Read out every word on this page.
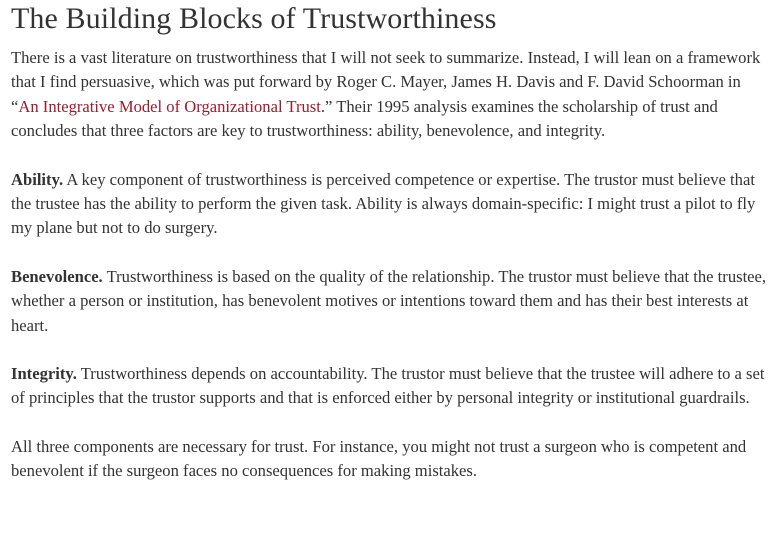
The Building Blocks of Trustworthiness

There is a vast literature on trustworthiness that I will not seek to summarize. Instead, I will lean on a framework that I find persuasive, which was put forward by Roger C. Mayer, James H. Davis and F. David Schoorman in “An Integrative Model of Organizational Trust.” Their 1995 analysis examines the scholarship of trust and concludes that three factors are key to trustworthiness: ability, benevolence, and integrity.

Ability. A key component of trustworthiness is perceived competence or expertise. The trustor must believe that the trustee has the ability to perform the given task. Ability is always domain-specific: I might trust a pilot to fly my plane but not to do surgery.

Benevolence. Trustworthiness is based on the quality of the relationship. The trustor must believe that the trustee, whether a person or institution, has benevolent motives or intentions toward them and has their best interests at heart.

Integrity. Trustworthiness depends on accountability. The trustor must believe that the trustee will adhere to a set of principles that the trustor supports and that is enforced either by personal integrity or institutional guardrails.

All three components are necessary for trust. For instance, you might not trust a surgeon who is competent and benevolent if the surgeon faces no consequences for making mistakes.
